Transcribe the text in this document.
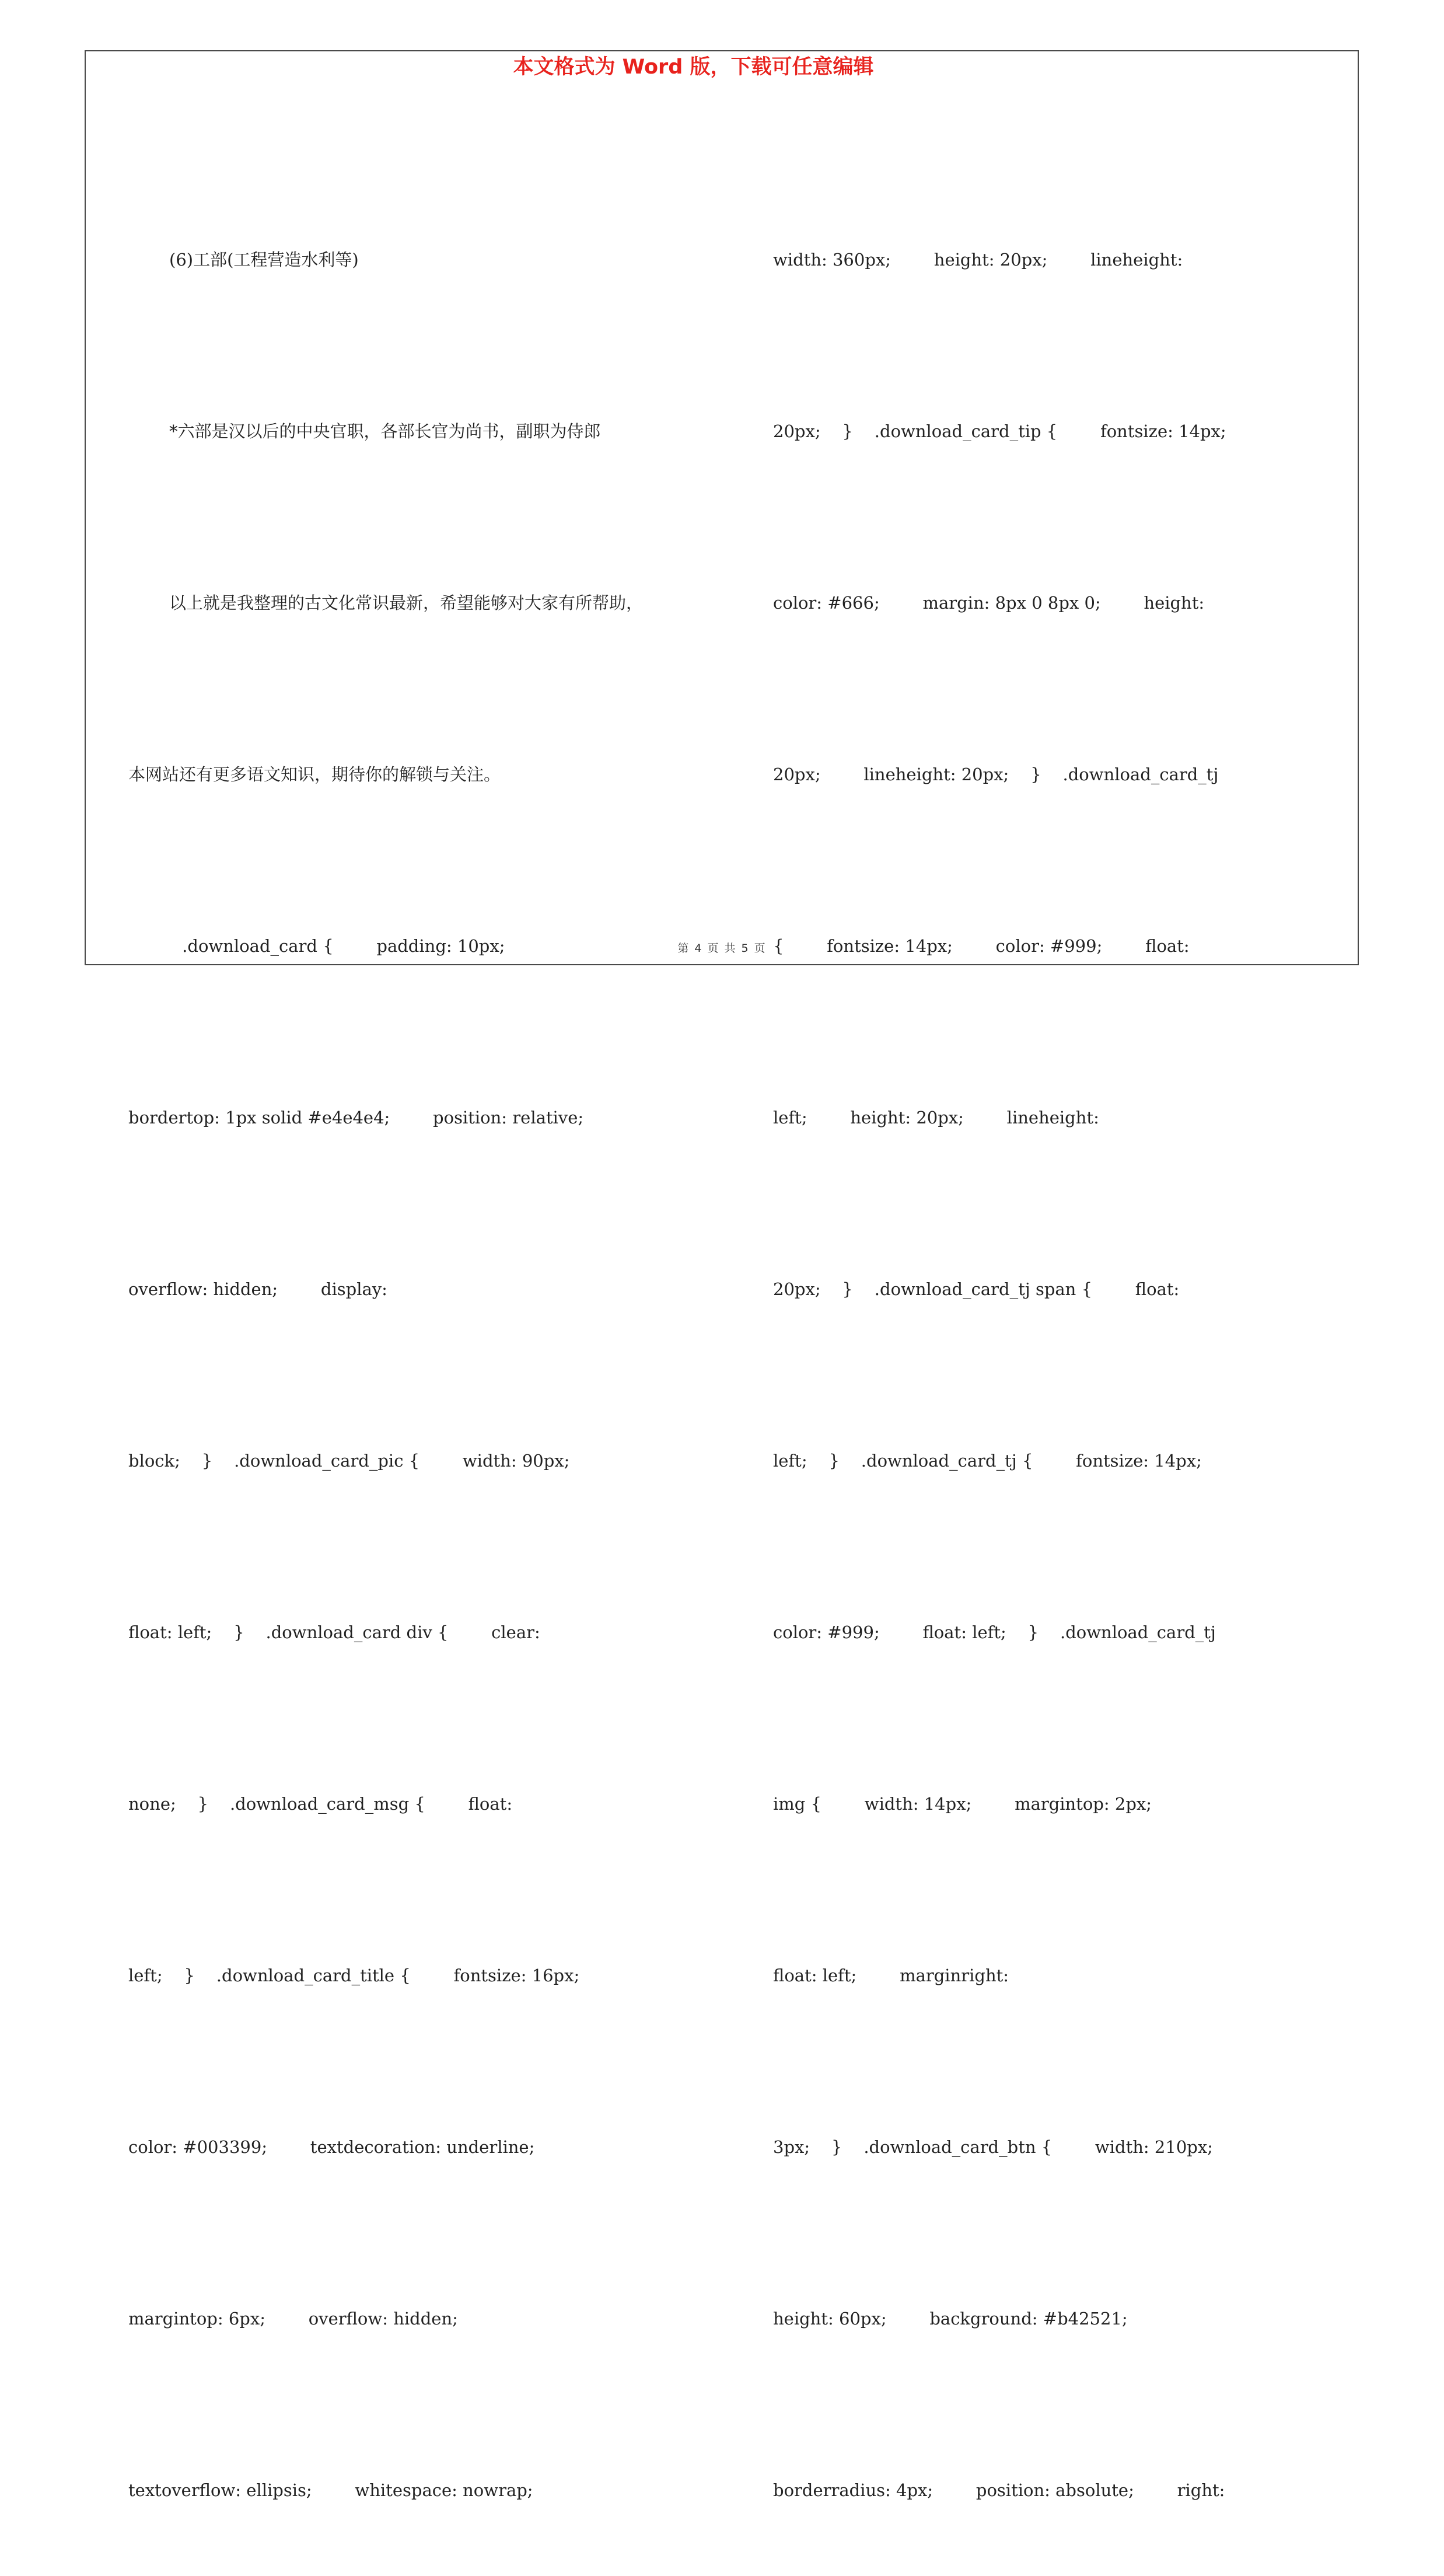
本文格式为 Word 版，下载可任意编辑

(6)工部(工程营造水利等)

*六部是汉以后的中央官职，各部长官为尚书，副职为侍郎

以上就是我整理的古文化常识最新，希望能够对大家有所帮助，

本网站还有更多语文知识，期待你的解锁与关注。

.download_card {        padding: 10px;

bordertop: 1px solid #e4e4e4;        position: relative;

overflow: hidden;        display:

block;    }    .download_card_pic {        width: 90px;

float: left;    }    .download_card div {        clear:

none;    }    .download_card_msg {        float:

left;    }    .download_card_title {        fontsize: 16px;

color: #003399;        textdecoration: underline;

margintop: 6px;        overflow: hidden;

textoverflow: ellipsis;        whitespace: nowrap;

width: 360px;        height: 20px;        lineheight:

20px;    }    .download_card_tip {        fontsize: 14px;

color: #666;        margin: 8px 0 8px 0;        height:

20px;        lineheight: 20px;    }    .download_card_tj

{        fontsize: 14px;        color: #999;        float:

left;        height: 20px;        lineheight:

20px;    }    .download_card_tj span {        float:

left;    }    .download_card_tj {        fontsize: 14px;

color: #999;        float: left;    }    .download_card_tj

img {        width: 14px;        margintop: 2px;

float: left;        marginright:

3px;    }    .download_card_btn {        width: 210px;

height: 60px;        background: #b42521;

borderradius: 4px;        position: absolute;        right:

第 4 页 共 5 页
